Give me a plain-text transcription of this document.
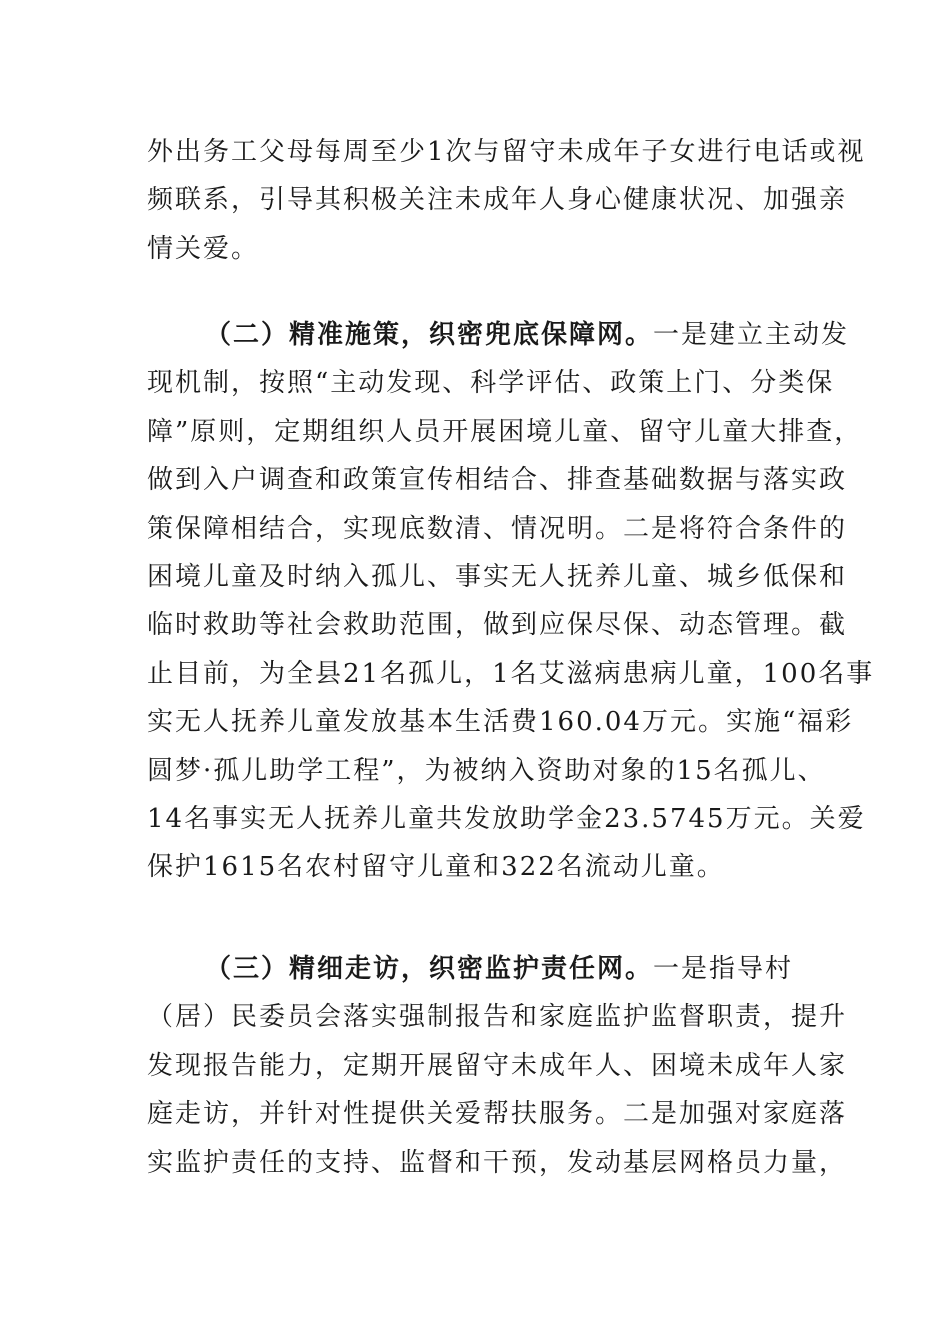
外出务工父母每周至少1次与留守未成年子女进行电话或视
频联系，引导其积极关注未成年人身心健康状况、加强亲
情关爱。
（二）精准施策，织密兜底保障网。一是建立主动发
现机制，按照“主动发现、科学评估、政策上门、分类保
障”原则，定期组织人员开展困境儿童、留守儿童大排查，
做到入户调查和政策宣传相结合、排查基础数据与落实政
策保障相结合，实现底数清、情况明。二是将符合条件的
困境儿童及时纳入孤儿、事实无人抚养儿童、城乡低保和
临时救助等社会救助范围，做到应保尽保、动态管理。截
止目前，为全县21名孤儿，1名艾滋病患病儿童，100名事
实无人抚养儿童发放基本生活费160.04万元。实施“福彩
圆梦·孤儿助学工程”，为被纳入资助对象的15名孤儿、
14名事实无人抚养儿童共发放助学金23.5745万元。关爱
保护1615名农村留守儿童和322名流动儿童。
（三）精细走访，织密监护责任网。一是指导村
（居）民委员会落实强制报告和家庭监护监督职责，提升
发现报告能力，定期开展留守未成年人、困境未成年人家
庭走访，并针对性提供关爱帮扶服务。二是加强对家庭落
实监护责任的支持、监督和干预，发动基层网格员力量，
